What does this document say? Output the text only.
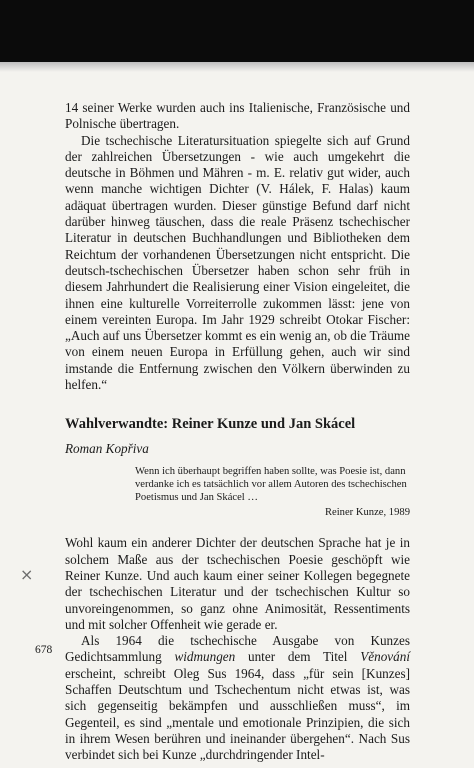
×

14 seiner Werke wurden auch ins Italienische, Französische und Polnische übertragen.

Die tschechische Literatursituation spiegelte sich auf Grund der zahlreichen Übersetzungen - wie auch umgekehrt die deutsche in Böhmen und Mähren - m. E. relativ gut wider, auch wenn manche wichtigen Dichter (V. Hálek, F. Halas) kaum adäquat übertragen wurden. Dieser günstige Befund darf nicht darüber hinweg täuschen, dass die reale Präsenz tschechischer Literatur in deutschen Buchhandlungen und Bibliotheken dem Reichtum der vorhandenen Übersetzungen nicht entspricht. Die deutsch-tschechischen Übersetzer haben schon sehr früh in diesem Jahrhundert die Realisierung einer Vision eingeleitet, die ihnen eine kulturelle Vorreiterrolle zukommen lässt: jene von einem vereinten Europa. Im Jahr 1929 schreibt Otokar Fischer: „Auch auf uns Übersetzer kommt es ein wenig an, ob die Träume von einem neuen Europa in Erfüllung gehen, auch wir sind imstande die Entfernung zwischen den Völkern überwinden zu helfen.“

Wahlverwandte: Reiner Kunze und Jan Skácel
Roman Kopřiva
Wenn ich überhaupt begriffen haben sollte, was Poesie ist, dann verdanke ich es tatsächlich vor allem Autoren des tschechischen Poetismus und Jan Skácel …
Reiner Kunze, 1989

Wohl kaum ein anderer Dichter der deutschen Sprache hat je in solchem Maße aus der tschechischen Poesie geschöpft wie Reiner Kunze. Und auch kaum einer seiner Kollegen begegnete der tschechischen Literatur und der tschechischen Kultur so unvoreingenommen, so ganz ohne Animosität, Ressentiments und mit solcher Offenheit wie gerade er.

Als 1964 die tschechische Ausgabe von Kunzes Gedichtsammlung widmungen unter dem Titel Věnování erscheint, schreibt Oleg Sus 1964, dass „für sein [Kunzes] Schaffen Deutschtum und Tschechentum nicht etwas ist, was sich gegenseitig bekämpfen und ausschließen muss“, im Gegenteil, es sind „mentale und emotionale Prinzipien, die sich in ihrem Wesen berühren und ineinander übergehen“. Nach Sus verbindet sich bei Kunze „durchdringender Intel-

678
